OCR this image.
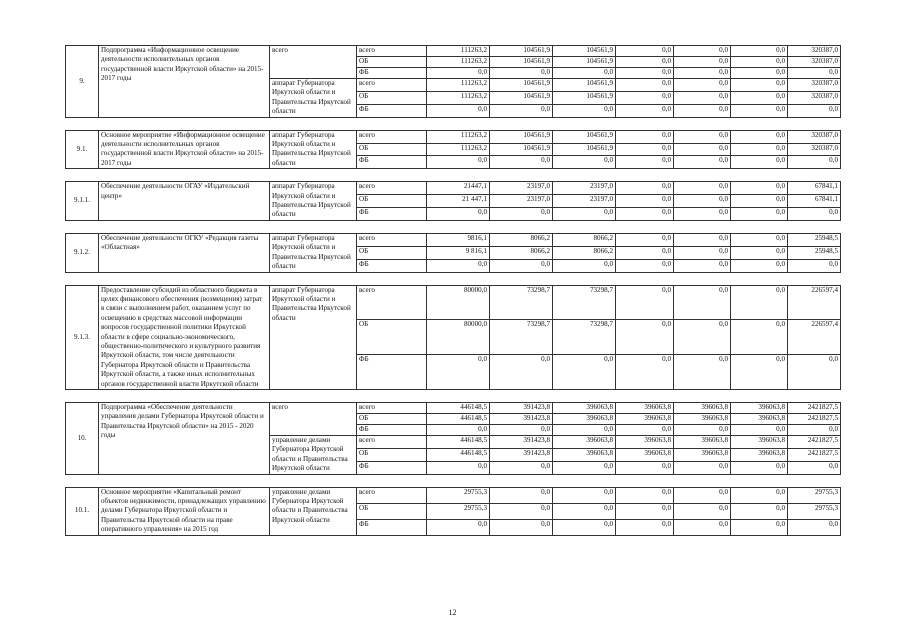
9.	Подпрограмма «Информационное освещение деятельности исполнительных органов государственной власти Иркутской области» на 2015-2017 годы	всего	всего	111263,2	104561,9	104561,9	0,0	0,0	0,0	320387,0
			ОБ	111263,2	104561,9	104561,9	0,0	0,0	0,0	320387,0
			ФБ	0,0	0,0	0,0	0,0	0,0	0,0	0,0
		аппарат Губернатора Иркутской области и Правительства Иркутской области	всего	111263,2	104561,9	104561,9	0,0	0,0	0,0	320387,0
			ОБ	111263,2	104561,9	104561,9	0,0	0,0	0,0	320387,0
			ФБ	0,0	0,0	0,0	0,0	0,0	0,0	0,0

9.1.	Основное мероприятие «Информационное освещение деятельности исполнительных органов государственной власти Иркутской области» на 2015-2017 годы	аппарат Губернатора Иркутской области и Правительства Иркутской области	всего	111263,2	104561,9	104561,9	0,0	0,0	0,0	320387,0
			ОБ	111263,2	104561,9	104561,9	0,0	0,0	0,0	320387,0
			ФБ	0,0	0,0	0,0	0,0	0,0	0,0	0,0

9.1.1.	Обеспечение деятельности ОГАУ «Издательский центр»	аппарат Губернатора Иркутской области и Правительства Иркутской области	всего	21447,1	23197,0	23197,0	0,0	0,0	0,0	67841,1
			ОБ	21 447,1	23197,0	23197,0	0,0	0,0	0,0	67841,1
			ФБ	0,0	0,0	0,0	0,0	0,0	0,0	0,0

9.1.2.	Обеспечение деятельности ОГКУ «Редакция газеты «Областная»	аппарат Губернатора Иркутской области и Правительства Иркутской области	всего	9816,1	8066,2	8066,2	0,0	0,0	0,0	25948,5
			ОБ	9 816,1	8066,2	8066,2	0,0	0,0	0,0	25948,5
			ФБ	0,0	0,0	0,0	0,0	0,0	0,0	0,0

9.1.3.	Предоставление субсидий из областного бюджета в целях финансового обеспечения (возмещения) затрат в связи с выполнением работ, оказанием услуг по освещению в средствах массовой информации вопросов государственной политики Иркутской области в сфере социально-экономического, общественно-политического и культурного развития Иркутской области, том числе деятельности Губернатора Иркутской области и Правительства Иркутской области, а также иных исполнительных органов государственной власти Иркутской области	аппарат Губернатора Иркутской области и Правительства Иркутской области	всего	80000,0	73298,7	73298,7	0,0	0,0	0,0	226597,4
			ОБ	80000,0	73298,7	73298,7	0,0	0,0	0,0	226597,4
			ФБ	0,0	0,0	0,0	0,0	0,0	0,0	0,0

10.	Подпрограмма «Обеспечение деятельности управления делами Губернатора Иркутской области и Правительства Иркутской области» на 2015 - 2020 годы	всего	всего	446148,5	391423,8	396063,8	396063,8	396063,8	396063,8	2421827,5
			ОБ	446148,5	391423,8	396063,8	396063,8	396063,8	396063,8	2421827,5
			ФБ	0,0	0,0	0,0	0,0	0,0	0,0	0,0
		управление делами Губернатора Иркутской области и Правительства Иркутской области	всего	446148,5	391423,8	396063,8	396063,8	396063,8	396063,8	2421827,5
			ОБ	446148,5	391423,8	396063,8	396063,8	396063,8	396063,8	2421827,5
			ФБ	0,0	0,0	0,0	0,0	0,0	0,0	0,0

10.1.	Основное мероприятие «Капитальный ремонт объектов недвижимости, принадлежащих управлению делами Губернатора Иркутской области и Правительства Иркутской области на праве оперативного управления» на 2015 год	управление делами Губернатора Иркутской области и Правительства Иркутской области	всего	29755,3	0,0	0,0	0,0	0,0	0,0	29755,3
			ОБ	29755,3	0,0	0,0	0,0	0,0	0,0	29755,3
			ФБ	0,0	0,0	0,0	0,0	0,0	0,0	0,0
12
